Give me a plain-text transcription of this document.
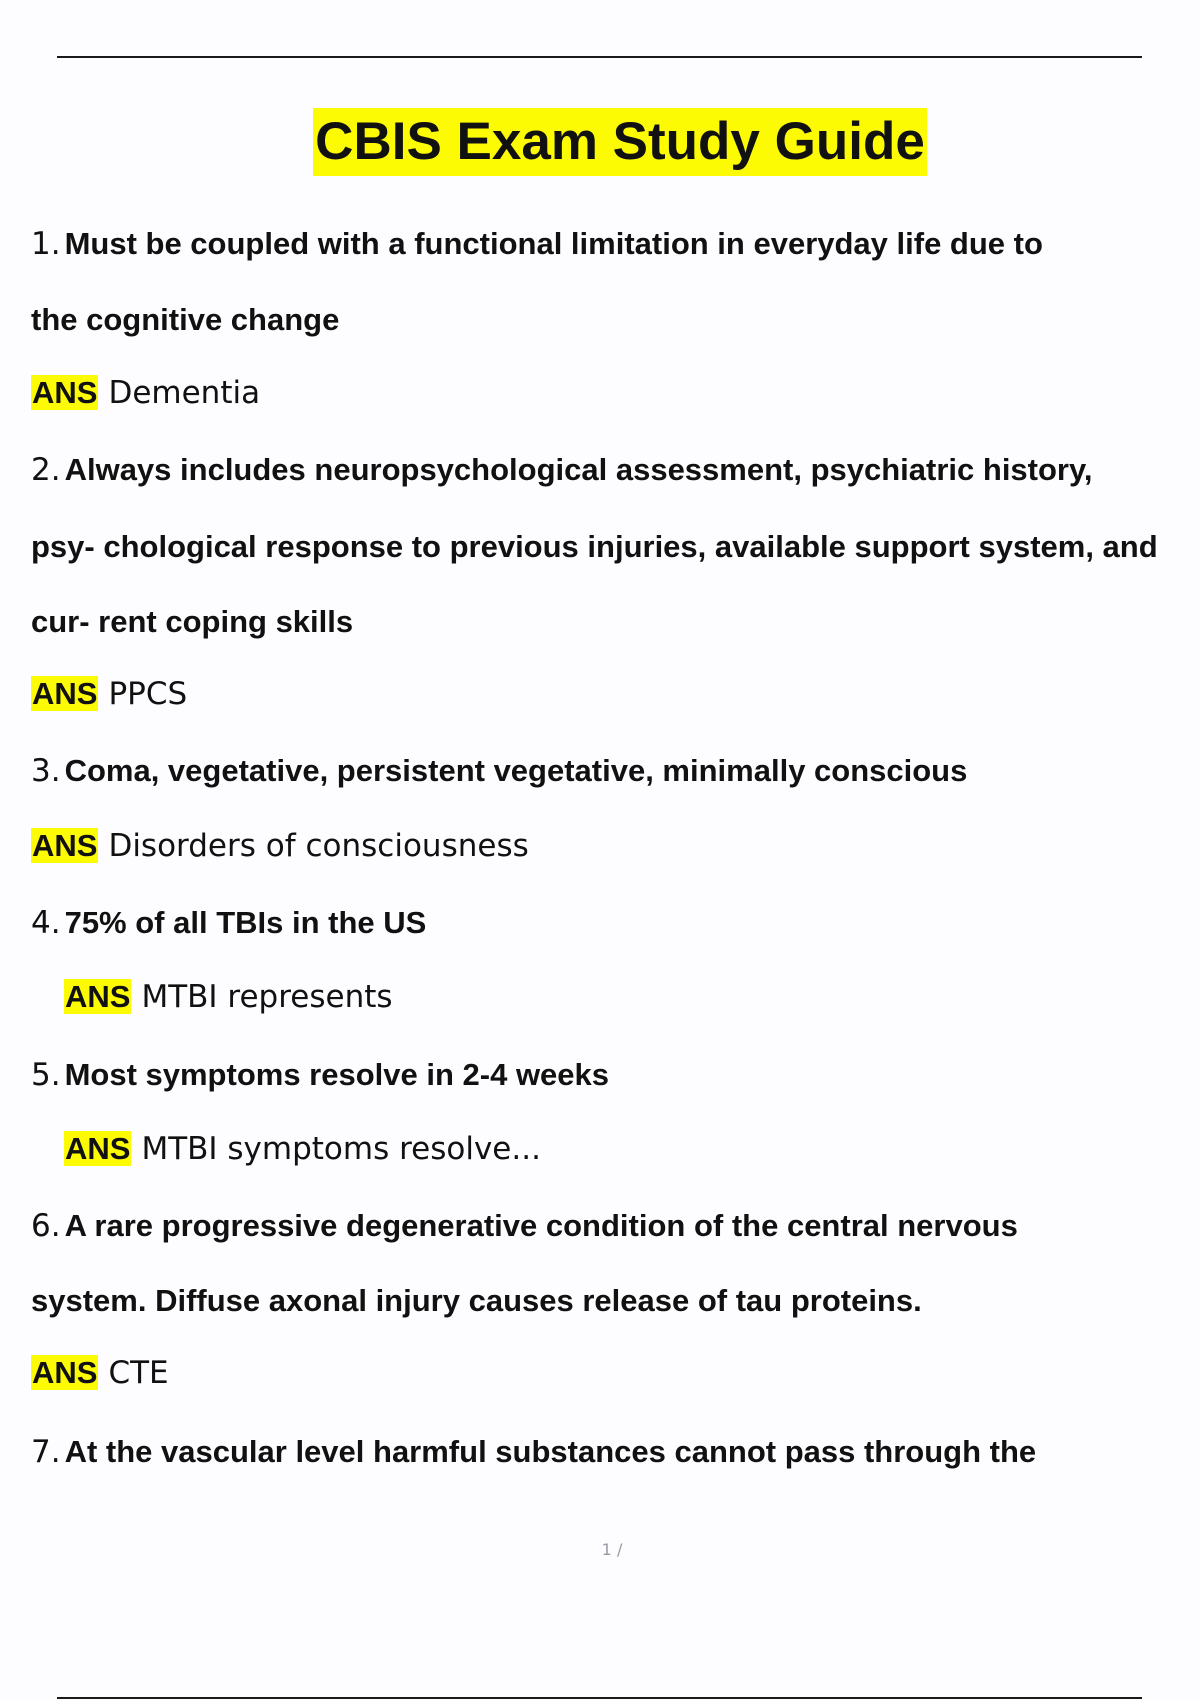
CBIS Exam Study Guide
1. Must be coupled with a functional limitation in everyday life due to
the cognitive change
ANS Dementia
2. Always includes neuropsychological assessment, psychiatric history,
psy- chological response to previous injuries, available support system, and
cur- rent coping skills
ANS PPCS
3. Coma, vegetative, persistent vegetative, minimally conscious
ANS Disorders of consciousness
4. 75% of all TBIs in the US
ANS MTBI represents
5. Most symptoms resolve in 2-4 weeks
ANS MTBI symptoms resolve...
6. A rare progressive degenerative condition of the central nervous
system. Diffuse axonal injury causes release of tau proteins.
ANS CTE
7. At the vascular level harmful substances cannot pass through the
1 /
